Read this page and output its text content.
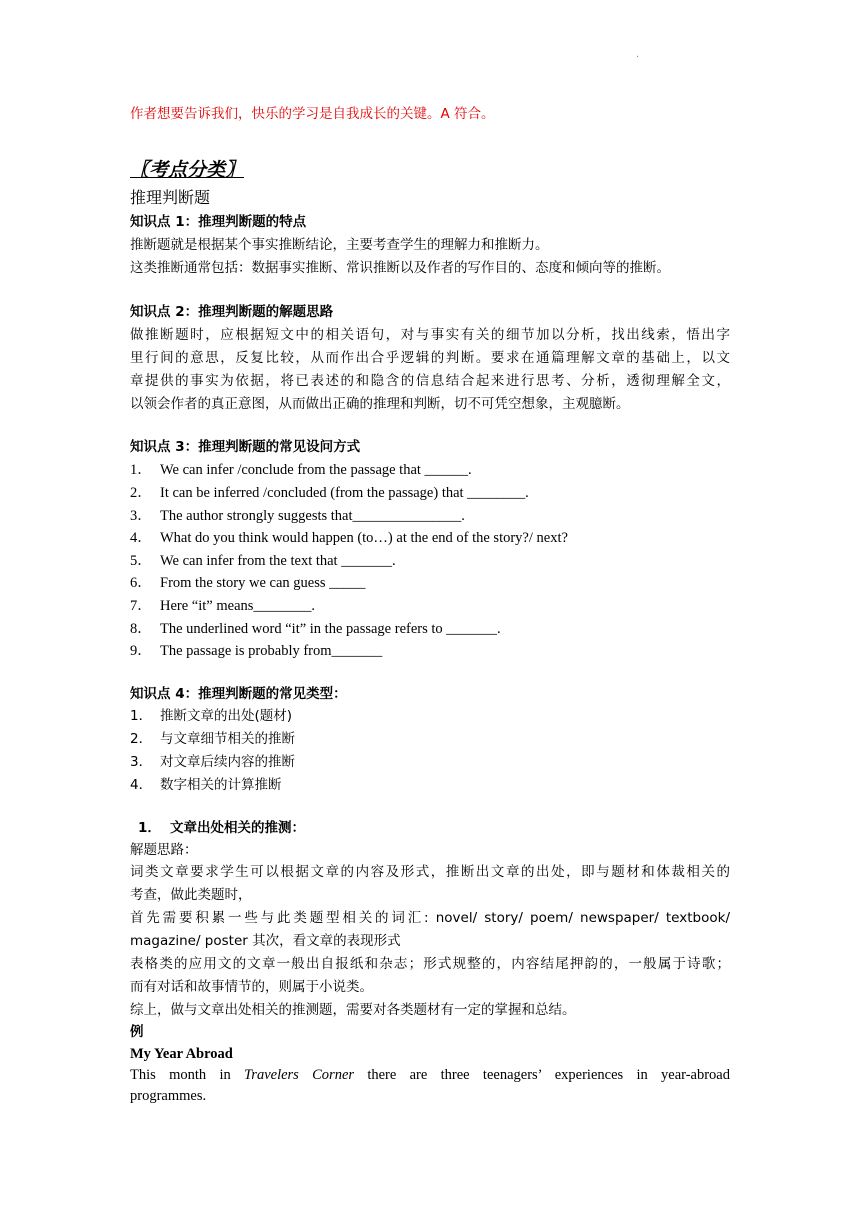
·
作者想要告诉我们，快乐的学习是自我成长的关键。A 符合。
〖考点分类〗
推理判断题
知识点 1：推理判断题的特点
推断题就是根据某个事实推断结论，主要考查学生的理解力和推断力。
这类推断通常包括：数据事实推断、常识推断以及作者的写作目的、态度和倾向等的推断。
知识点 2：推理判断题的解题思路
做推断题时，应根据短文中的相关语句，对与事实有关的细节加以分析，找出线索，悟出字
里行间的意思，反复比较，从而作出合乎逻辑的判断。要求在通篇理解文章的基础上，以文
章提供的事实为依据，将已表述的和隐含的信息结合起来进行思考、分析，透彻理解全文，
以领会作者的真正意图，从而做出正确的推理和判断，切不可凭空想象，主观臆断。
知识点 3：推理判断题的常见设问方式
1． We can infer /conclude from the passage that ______.
2． It can be inferred /concluded (from the passage) that ________.
3． The author strongly suggests that_______________.
4． What do you think would happen (to…) at the end of the story?/ next?
5． We can infer from the text that _______.
6． From the story we can guess _____
7． Here “it” means________.
8． The underlined word “it” in the passage refers to _______.
9． The passage is probably from_______
知识点 4：推理判断题的常见类型：
1． 推断文章的出处(题材)
2． 与文章细节相关的推断
3． 对文章后续内容的推断
4． 数字相关的计算推断
1． 文章出处相关的推测：
解题思路：
词类文章要求学生可以根据文章的内容及形式，推断出文章的出处，即与题材和体裁相关的
考查，做此类题时，
首先需要积累一些与此类题型相关的词汇: novel/ story/ poem/ newspaper/ textbook/
magazine/ poster 其次，看文章的表现形式
表格类的应用文的文章一般出自报纸和杂志；形式规整的，内容结尾押韵的，一般属于诗歌；
而有对话和故事情节的，则属于小说类。
综上，做与文章出处相关的推测题，需要对各类题材有一定的掌握和总结。
例
My Year Abroad
This month in Travelers Corner there are three teenagers’ experiences in year-abroad
programmes.
